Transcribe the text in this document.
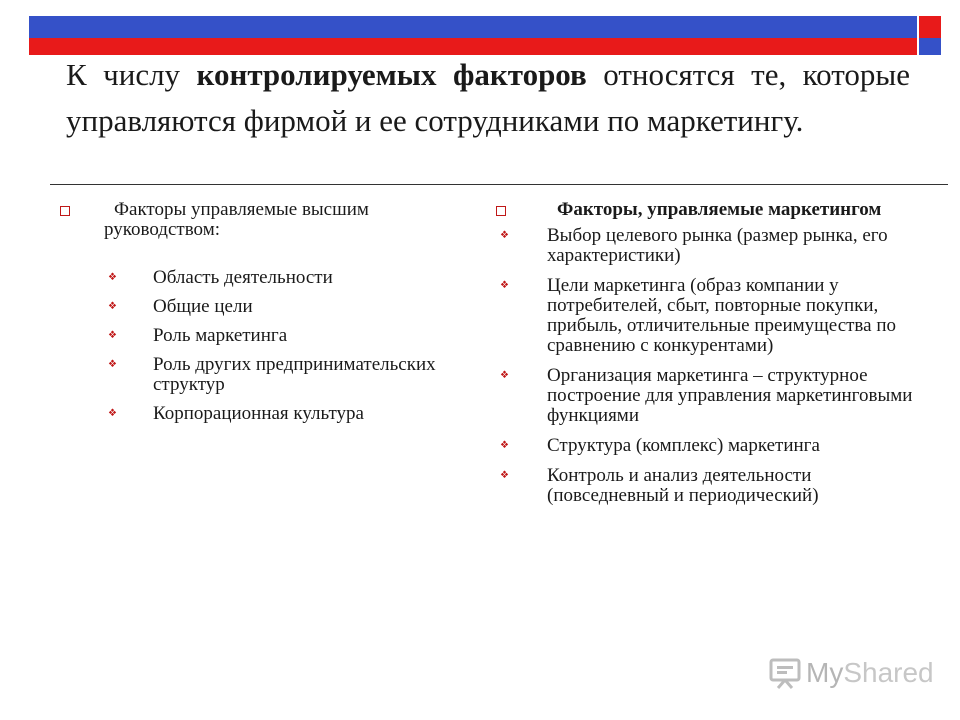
К числу контролируемых факторов относятся те, которые управляются фирмой и ее сотрудниками по маркетингу.

Факторы управляемые высшим руководством:
❖ Область деятельности
❖ Общие цели
❖ Роль маркетинга
❖ Роль других предпринимательских структур
❖ Корпорационная культура
Факторы, управляемые маркетингом
❖ Выбор целевого рынка (размер рынка, его характеристики)
❖ Цели маркетинга (образ компании у потребителей, сбыт, повторные покупки, прибыль, отличительные преимущества по сравнению с конкурентами)
❖ Организация маркетинга – структурное построение для управления маркетинговыми функциями
❖ Структура (комплекс) маркетинга
❖ Контроль и анализ деятельности (повседневный и периодический)
MyShared
